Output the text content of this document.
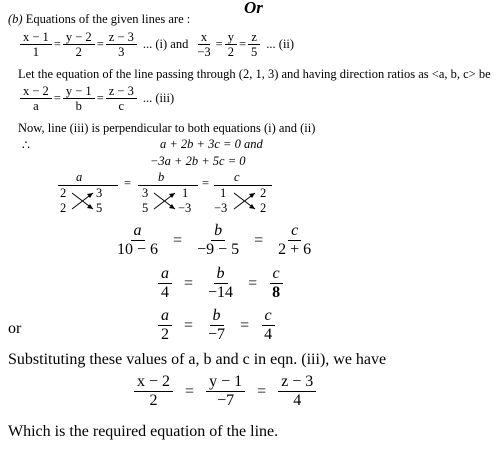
Or
(b) Equations of the given lines are :
$\frac{x - 1}{1} = \frac{y - 2}{2} = \frac{z - 3}{3}$ ... (i) and $\frac{x}{-3} = \frac{y}{2} = \frac{z}{5}$ ... (ii)
Let the equation of the line passing through (2, 1, 3) and having direction ratios as <a, b, c> be
$\frac{x - 2}{a} = \frac{y - 1}{b} = \frac{z - 3}{c}$ ... (iii)
Now, line (iii) is perpendicular to both equations (i) and (ii)
∴	a + 2b + 3c = 0 and
−3a + 2b + 5c = 0
a	b	c
=	=
2 3
2 5
3	1
5 −3
1	2
−3	2
$\frac{a}{10 - 6} = \frac{b}{-9 - 5} = \frac{c}{2 + 6}$
$\frac{a}{4} = \frac{b}{-14} = \frac{c}{8}$
or	$\frac{a}{2} = \frac{b}{-7} = \frac{c}{4}$
Substituting these values of a, b and c in eqn. (iii), we have
$\frac{x - 2}{2} = \frac{y - 1}{-7} = \frac{z - 3}{4}$
Which is the required equation of the line.
